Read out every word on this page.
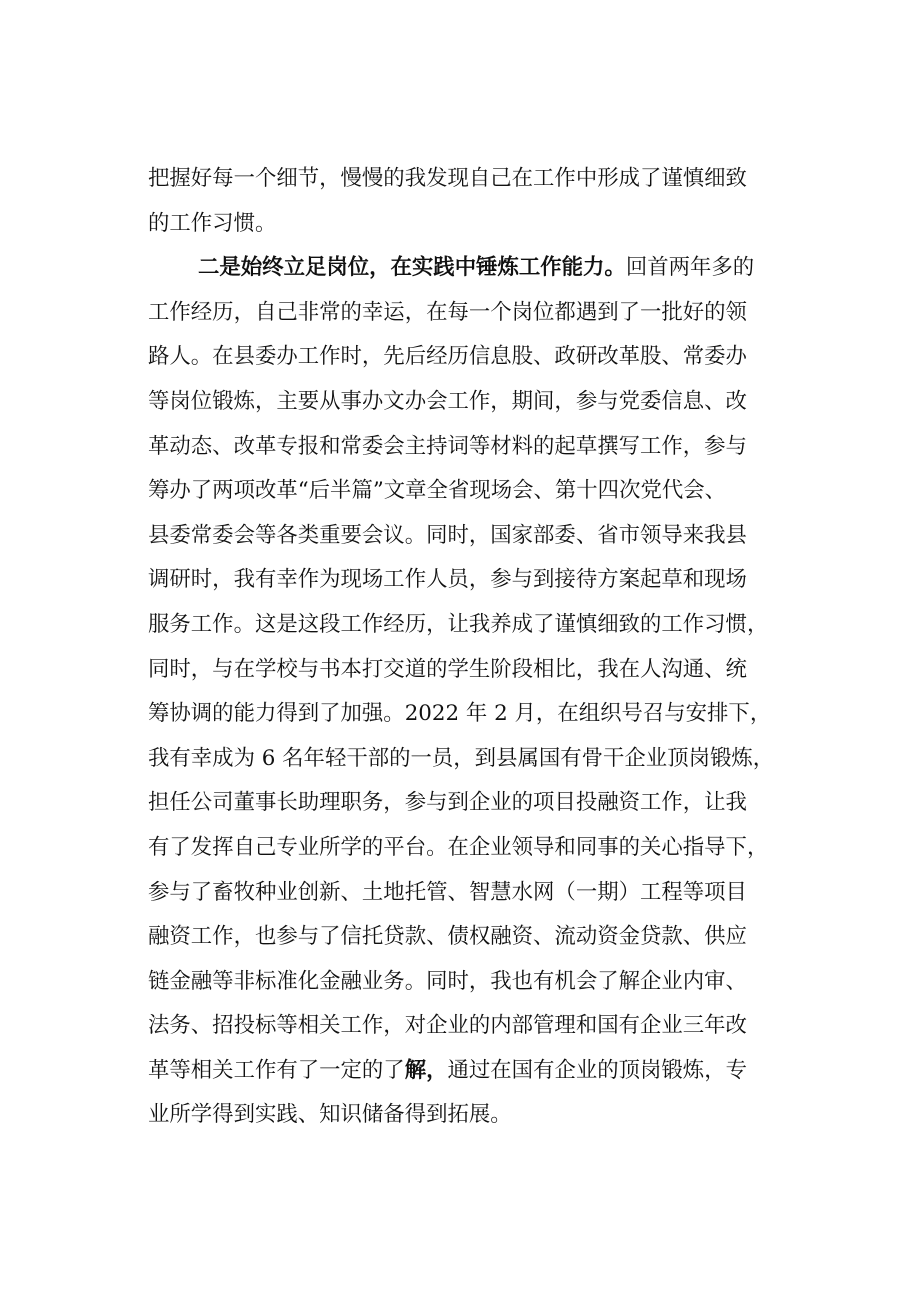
把握好每一个细节，慢慢的我发现自己在工作中形成了谨慎细致
的工作习惯。
二是始终立足岗位，在实践中锤炼工作能力。回首两年多的
工作经历，自己非常的幸运，在每一个岗位都遇到了一批好的领
路人。在县委办工作时，先后经历信息股、政研改革股、常委办
等岗位锻炼，主要从事办文办会工作，期间，参与党委信息、改
革动态、改革专报和常委会主持词等材料的起草撰写工作，参与
筹办了两项改革“后半篇”文章全省现场会、第十四次党代会、
县委常委会等各类重要会议。同时，国家部委、省市领导来我县
调研时，我有幸作为现场工作人员，参与到接待方案起草和现场
服务工作。这是这段工作经历，让我养成了谨慎细致的工作习惯，
同时，与在学校与书本打交道的学生阶段相比，我在人沟通、统
筹协调的能力得到了加强。2022 年 2 月，在组织号召与安排下，
我有幸成为 6 名年轻干部的一员，到县属国有骨干企业顶岗锻炼，
担任公司董事长助理职务，参与到企业的项目投融资工作，让我
有了发挥自己专业所学的平台。在企业领导和同事的关心指导下，
参与了畜牧种业创新、土地托管、智慧水网（一期）工程等项目
融资工作，也参与了信托贷款、债权融资、流动资金贷款、供应
链金融等非标准化金融业务。同时，我也有机会了解企业内审、
法务、招投标等相关工作，对企业的内部管理和国有企业三年改
革等相关工作有了一定的了解，通过在国有企业的顶岗锻炼，专
业所学得到实践、知识储备得到拓展。
